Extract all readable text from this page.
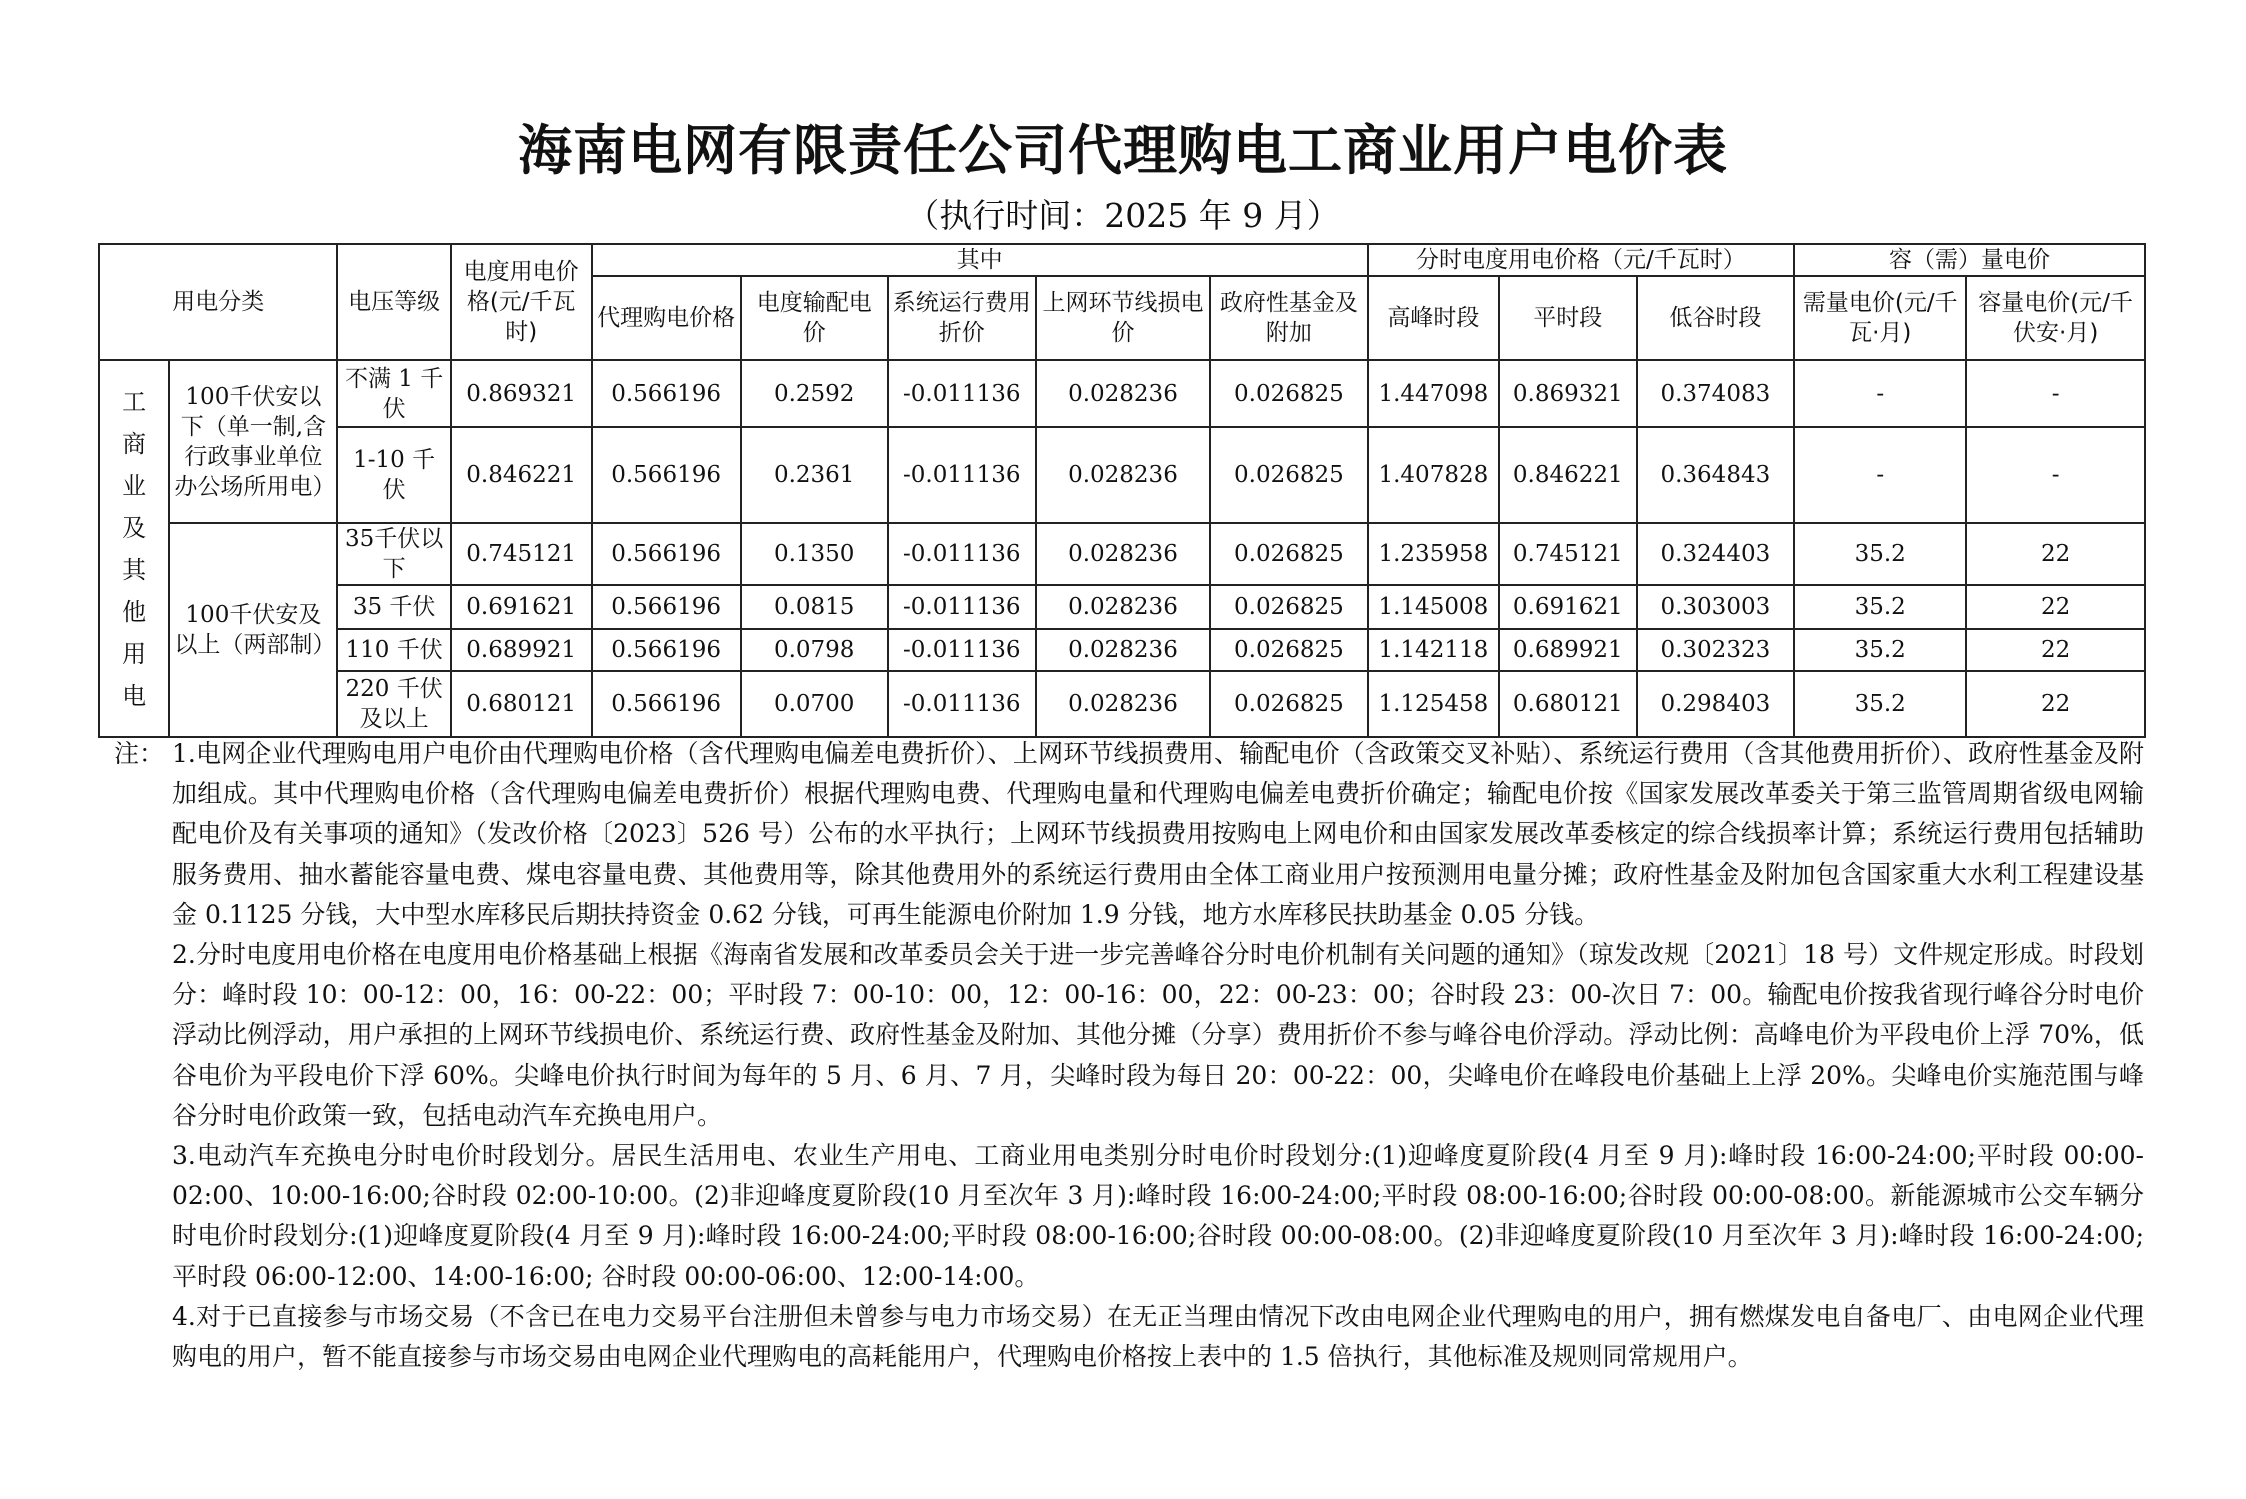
海南电网有限责任公司代理购电工商业用户电价表
（执行时间：2025 年 9 月）
用电分类		电压等级	电度用电价格(元/千瓦时)	其中					分时电度用电价格（元/千瓦时）			容（需）量电价	
				代理购电价格	电度输配电价	系统运行费用折价	上网环节线损电价	政府性基金及附加	高峰时段	平时段	低谷时段	需量电价(元/千瓦·月)	容量电价(元/千伏安·月)

工商业及其他用电	100千伏安以下（单一制,含行政事业单位办公场所用电）	不满 1 千伏	0.869321	0.566196	0.2592	-0.011136	0.028236	0.026825	1.447098	0.869321	0.374083	-	-
		1-10 千伏	0.846221	0.566196	0.2361	-0.011136	0.028236	0.026825	1.407828	0.846221	0.364843	-	-
	100千伏安及以上（两部制）	35千伏以下	0.745121	0.566196	0.1350	-0.011136	0.028236	0.026825	1.235958	0.745121	0.324403	35.2	22
		35 千伏	0.691621	0.566196	0.0815	-0.011136	0.028236	0.026825	1.145008	0.691621	0.303003	35.2	22
		110 千伏	0.689921	0.566196	0.0798	-0.011136	0.028236	0.026825	1.142118	0.689921	0.302323	35.2	22
		220 千伏及以上	0.680121	0.566196	0.0700	-0.011136	0.028236	0.026825	1.125458	0.680121	0.298403	35.2	22
注： 1.电网企业代理购电用户电价由代理购电价格（含代理购电偏差电费折价）、上网环节线损费用、输配电价（含政策交叉补贴）、系统运行费用（含其他费用折价）、政府性基金及附加组成。其中代理购电价格（含代理购电偏差电费折价）根据代理购电费、代理购电量和代理购电偏差电费折价确定；输配电价按《国家发展改革委关于第三监管周期省级电网输配电价及有关事项的通知》（发改价格〔2023〕526 号）公布的水平执行；上网环节线损费用按购电上网电价和由国家发展改革委核定的综合线损率计算；系统运行费用包括辅助服务费用、抽水蓄能容量电费、煤电容量电费、其他费用等，除其他费用外的系统运行费用由全体工商业用户按预测用电量分摊；政府性基金及附加包含国家重大水利工程建设基金 0.1125 分钱，大中型水库移民后期扶持资金 0.62 分钱，可再生能源电价附加 1.9 分钱，地方水库移民扶助基金 0.05 分钱。
2.分时电度用电价格在电度用电价格基础上根据《海南省发展和改革委员会关于进一步完善峰谷分时电价机制有关问题的通知》（琼发改规〔2021〕18 号）文件规定形成。时段划分：峰时段 10：00-12：00，16：00-22：00；平时段 7：00-10：00，12：00-16：00，22：00-23：00；谷时段 23：00-次日 7：00。输配电价按我省现行峰谷分时电价浮动比例浮动，用户承担的上网环节线损电价、系统运行费、政府性基金及附加、其他分摊（分享）费用折价不参与峰谷电价浮动。浮动比例：高峰电价为平段电价上浮 70%，低谷电价为平段电价下浮 60%。尖峰电价执行时间为每年的 5 月、6 月、7 月，尖峰时段为每日 20：00-22：00，尖峰电价在峰段电价基础上上浮 20%。尖峰电价实施范围与峰谷分时电价政策一致，包括电动汽车充换电用户。
3.电动汽车充换电分时电价时段划分。居民生活用电、农业生产用电、工商业用电类别分时电价时段划分:(1)迎峰度夏阶段(4 月至 9 月):峰时段 16:00-24:00;平时段 00:00-02:00、10:00-16:00;谷时段 02:00-10:00。(2)非迎峰度夏阶段(10 月至次年 3 月):峰时段 16:00-24:00;平时段 08:00-16:00;谷时段 00:00-08:00。新能源城市公交车辆分时电价时段划分:(1)迎峰度夏阶段(4 月至 9 月):峰时段 16:00-24:00;平时段 08:00-16:00;谷时段 00:00-08:00。(2)非迎峰度夏阶段(10 月至次年 3 月):峰时段 16:00-24:00; 平时段 06:00-12:00、14:00-16:00; 谷时段 00:00-06:00、12:00-14:00。
4.对于已直接参与市场交易（不含已在电力交易平台注册但未曾参与电力市场交易）在无正当理由情况下改由电网企业代理购电的用户，拥有燃煤发电自备电厂、由电网企业代理购电的用户，暂不能直接参与市场交易由电网企业代理购电的高耗能用户，代理购电价格按上表中的 1.5 倍执行，其他标准及规则同常规用户。
